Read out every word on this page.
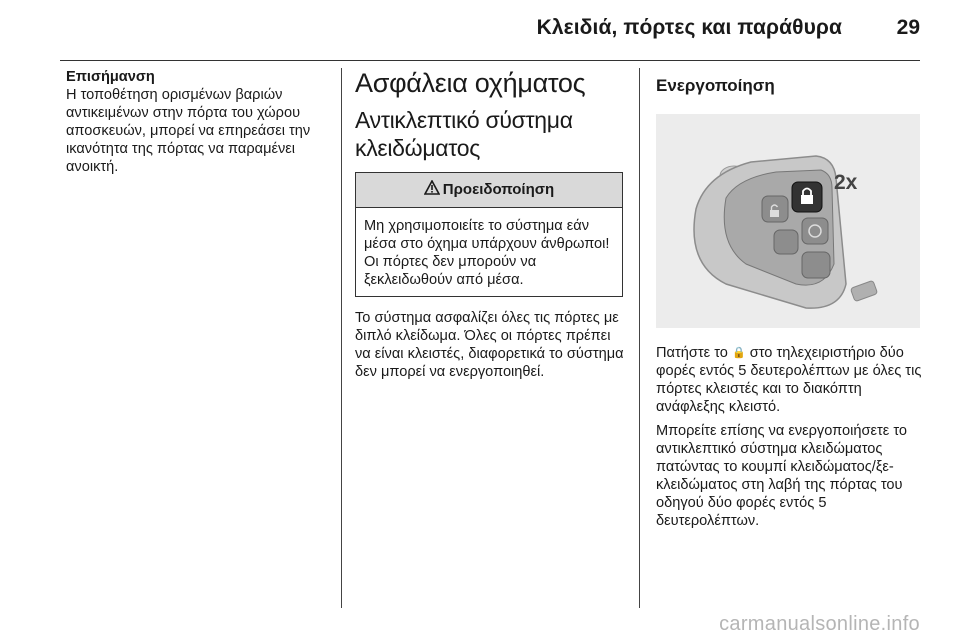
Κλειδιά, πόρτες και παράθυρα	29

Επισήμανση

Η τοποθέτηση ορισμένων βαριών αντικειμένων στην πόρτα του χώρου αποσκευών, μπορεί να επηρεάσει την ικανότητα της πόρτας να παραμένει ανοικτή.

Ασφάλεια οχήματος
Αντικλεπτικό σύστημα κλειδώματος
Προειδοποίηση
Μη χρησιμοποιείτε το σύστημα εάν μέσα στο όχημα υπάρχουν άνθρωποι! Οι πόρτες δεν μπορούν να ξεκλειδωθούν από μέσα.

Το σύστημα ασφαλίζει όλες τις πόρτες με διπλό κλείδωμα. Όλες οι πόρτες πρέπει να είναι κλειστές, διαφορετικά το σύστημα δεν μπορεί να ενεργοποιηθεί.

Ενεργοποίηση
2x

Πατήστε το 🔒 στο τηλεχειριστήριο δύο φορές εντός 5 δευτερολέπτων με όλες τις πόρτες κλειστές και το διακόπτη ανάφλεξης κλειστό.

Μπορείτε επίσης να ενεργοποιήσετε το αντικλεπτικό σύστημα κλειδώματος πατώντας το κουμπί κλειδώματος/ξεκλειδώματος στη λαβή της πόρτας του οδηγού δύο φορές εντός 5 δευτερολέπτων.

carmanualsonline.info
